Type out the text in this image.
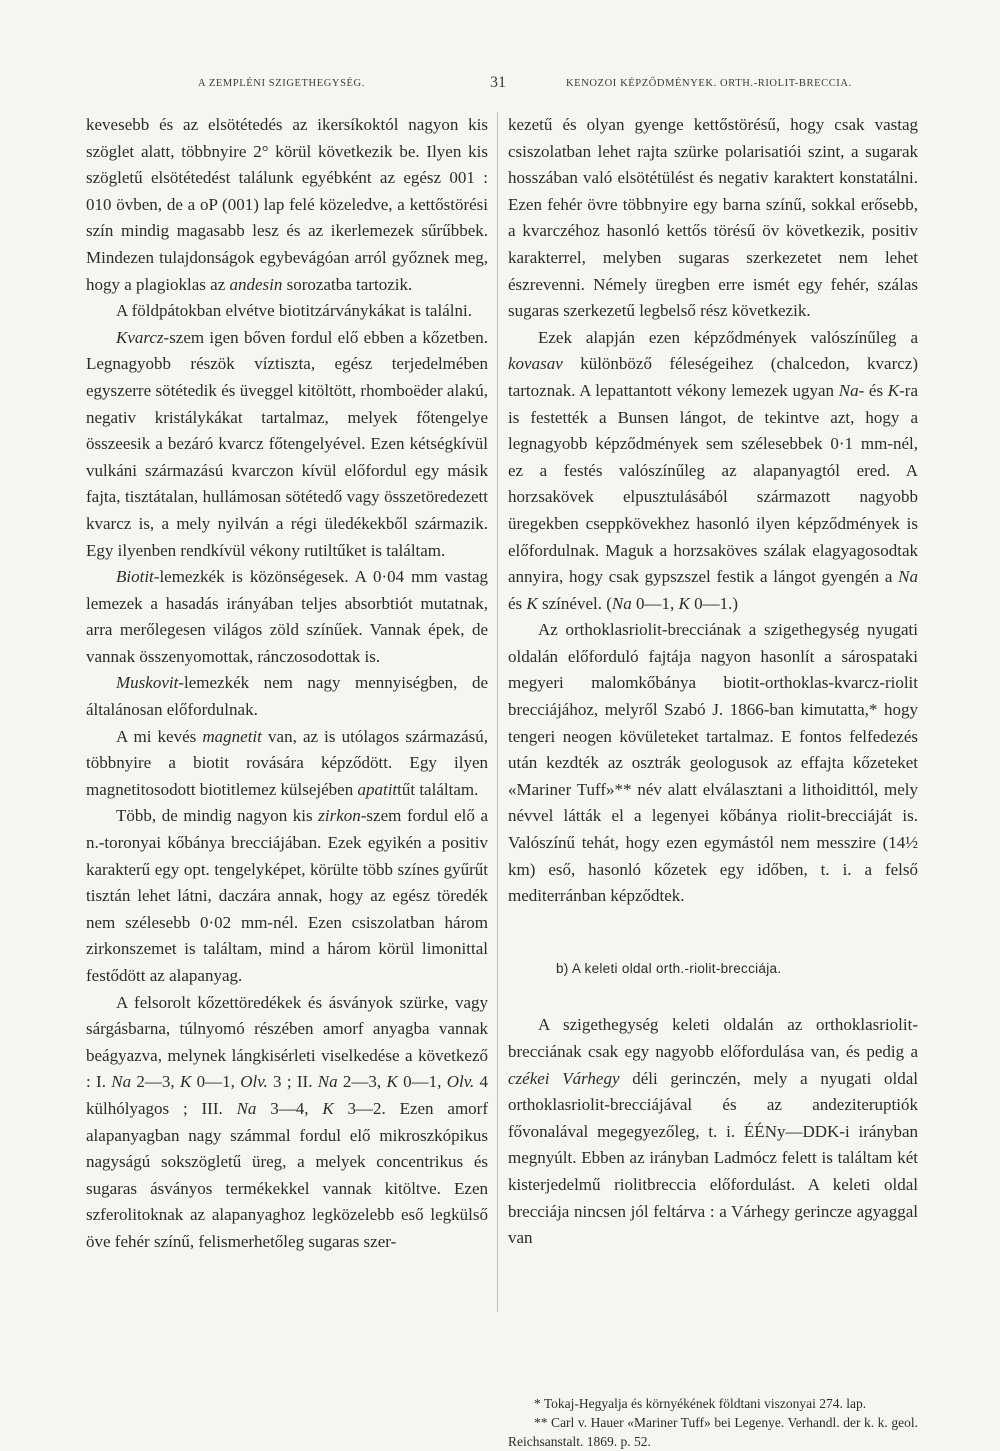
A ZEMPLÉNI SZIGETHEGYSÉG.	31	KENOZOI KÉPZŐDMÉNYEK. ORTH.-RIOLIT-BRECCIA.

kevesebb és az elsötétedés az ikersíkoktól nagyon kis szöglet alatt, többnyire 2° körül következik be. Ilyen kis szögletű elsötétedést találunk egyébként az egész 001 : 010 övben, de a oP (001) lap felé közeledve, a kettőstörési szín mindig magasabb lesz és az ikerlemezek sűrűbbek. Mindezen tulajdonságok egybevágóan arról győznek meg, hogy a plagioklas az andesin sorozatba tartozik.

A földpátokban elvétve biotitzárványkákat is találni.

Kvarcz-szem igen bőven fordul elő ebben a kőzetben. Legnagyobb részök víztiszta, egész terjedelmében egyszerre sötétedik és üveggel kitöltött, rhomboëder alakú, negativ kristálykákat tartalmaz, melyek főtengelye összeesik a bezáró kvarcz főtengelyével. Ezen kétségkívül vulkáni származású kvarczon kívül előfordul egy másik fajta, tisztátalan, hullámosan sötétedő vagy összetöredezett kvarcz is, a mely nyilván a régi üledékekből származik. Egy ilyenben rendkívül vékony rutiltűket is találtam.

Biotit-lemezkék is közönségesek. A 0·04 mm vastag lemezek a hasadás irányában teljes absorbtiót mutatnak, arra merőlegesen világos zöld színűek. Vannak épek, de vannak összenyomottak, ránczosodottak is.

Muskovit-lemezkék nem nagy mennyiségben, de általánosan előfordulnak.

A mi kevés magnetit van, az is utólagos származású, többnyire a biotit rovására képződött. Egy ilyen magnetitosodott biotitlemez külsejében apatittűt találtam.

Több, de mindig nagyon kis zirkon-szem fordul elő a n.-toronyai kőbánya brecciájában. Ezek egyikén a positiv karakterű egy opt. tengelyképet, körülte több színes gyűrűt tisztán lehet látni, daczára annak, hogy az egész töredék nem szélesebb 0·02 mm-nél. Ezen csiszolatban három zirkonszemet is találtam, mind a három körül limonittal festődött az alapanyag.

A felsorolt kőzettöredékek és ásványok szürke, vagy sárgásbarna, túlnyomó részében amorf anyagba vannak beágyazva, melynek lángkisérleti viselkedése a következő : I. Na 2—3, K 0—1, Olv. 3 ; II. Na 2—3, K 0—1, Olv. 4 külhólyagos ; III. Na 3—4, K 3—2. Ezen amorf alapanyagban nagy számmal fordul elő mikroszkópikus nagyságú sokszögletű üreg, a melyek concentrikus és sugaras ásványos termékekkel vannak kitöltve. Ezen szferolitoknak az alapanyaghoz legközelebb eső legkülső öve fehér színű, felismerhetőleg sugaras szer-

kezetű és olyan gyenge kettőstörésű, hogy csak vastag csiszolatban lehet rajta szürke polarisatiói szint, a sugarak hosszában való elsötétülést és negativ karaktert konstatálni. Ezen fehér övre többnyire egy barna színű, sokkal erősebb, a kvarczéhoz hasonló kettős törésű öv következik, positiv karakterrel, melyben sugaras szerkezetet nem lehet észrevenni. Némely üregben erre ismét egy fehér, szálas sugaras szerkezetű legbelső rész következik.

Ezek alapján ezen képződmények valószínűleg a kovasav különböző féleségeihez (chalcedon, kvarcz) tartoznak. A lepattantott vékony lemezek ugyan Na- és K-ra is festették a Bunsen lángot, de tekintve azt, hogy a legnagyobb képződmények sem szélesebbek 0·1 mm-nél, ez a festés valószínűleg az alapanyagtól ered. A horzsakövek elpusztulásából származott nagyobb üregekben cseppkövekhez hasonló ilyen képződmények is előfordulnak. Maguk a horzsaköves szálak elagyagosodtak annyira, hogy csak gypszszel festik a lángot gyengén a Na és K színével. (Na 0—1, K 0—1.)

Az orthoklasriolit-brecciának a szigethegység nyugati oldalán előforduló fajtája nagyon hasonlít a sárospataki megyeri malomkőbánya biotit-orthoklas-kvarcz-riolit brecciájához, melyről Szabó J. 1866-ban kimutatta,* hogy tengeri neogen kövületeket tartalmaz. E fontos felfedezés után kezdték az osztrák geologusok az effajta kőzeteket «Mariner Tuff»** név alatt elválasztani a lithoidittól, mely névvel látták el a legenyei kőbánya riolit-brecciáját is. Valószínű tehát, hogy ezen egymástól nem messzire (14½ km) eső, hasonló kőzetek egy időben, t. i. a felső mediterránban képződtek.

b) A keleti oldal orth.-riolit-brecciája.

A szigethegység keleti oldalán az orthoklasriolit-brecciának csak egy nagyobb előfordulása van, és pedig a czékei Várhegy déli gerinczén, mely a nyugati oldal orthoklasriolit-brecciájával és az andeziteruptiók fővonalával megegyezőleg, t. i. ÉÉNy—DDK-i irányban megnyúlt. Ebben az irányban Ladmócz felett is találtam két kisterjedelmű riolitbreccia előfordulást. A keleti oldal brecciája nincsen jól feltárva : a Várhegy gerincze agyaggal van

* Tokaj-Hegyalja és környékének földtani viszonyai 274. lap.

** Carl v. Hauer «Mariner Tuff» bei Legenye. Verhandl. der k. k. geol. Reichsanstalt. 1869. p. 52.
